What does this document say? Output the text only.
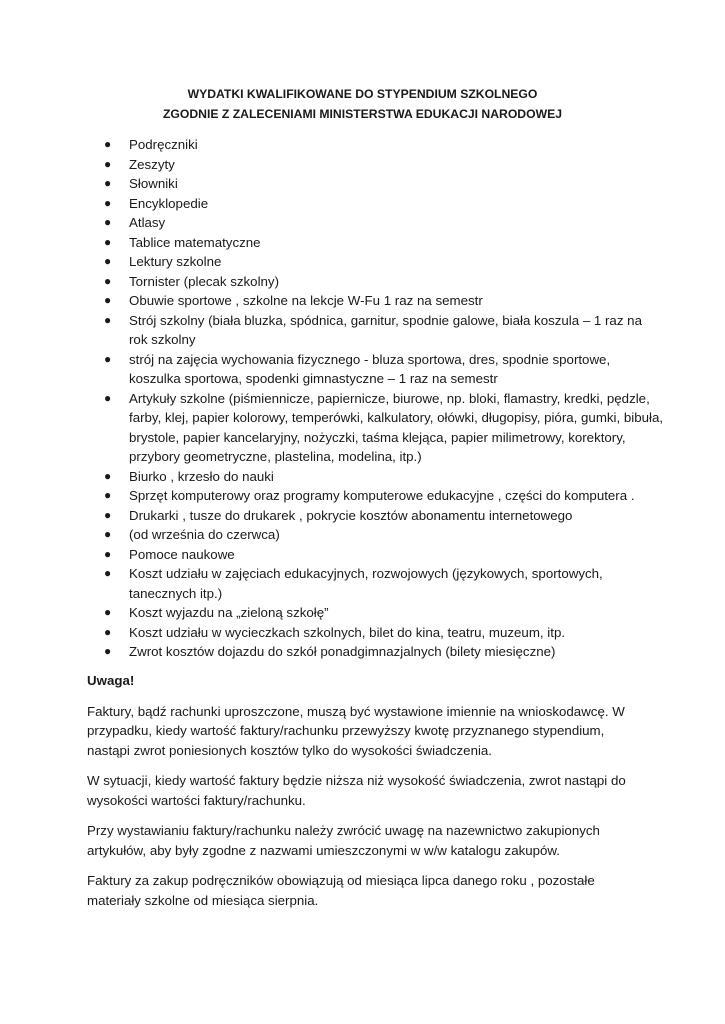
WYDATKI KWALIFIKOWANE DO STYPENDIUM SZKOLNEGO
ZGODNIE Z ZALECENIAMI MINISTERSTWA EDUKACJI NARODOWEJ
● Podręczniki
● Zeszyty
● Słowniki
● Encyklopedie
● Atlasy
● Tablice matematyczne
● Lektury szkolne
● Tornister (plecak szkolny)
● Obuwie sportowe , szkolne na lekcje W-Fu 1 raz na semestr
● Strój szkolny (biała bluzka, spódnica, garnitur, spodnie galowe, biała koszula – 1 raz na rok szkolny
● strój na zajęcia wychowania fizycznego - bluza sportowa, dres, spodnie sportowe, koszulka sportowa, spodenki gimnastyczne – 1 raz na semestr
● Artykuły szkolne (piśmiennicze, papiernicze, biurowe, np. bloki, flamastry, kredki, pędzle, farby, klej, papier kolorowy, temperówki, kalkulatory, ołówki, długopisy, pióra, gumki, bibuła, brystole, papier kancelaryjny, nożyczki, taśma klejąca, papier milimetrowy, korektory, przybory geometryczne, plastelina, modelina, itp.)
● Biurko , krzesło do nauki
● Sprzęt komputerowy oraz programy komputerowe edukacyjne , części do komputera .
● Drukarki , tusze do drukarek , pokrycie kosztów abonamentu internetowego
● (od września do czerwca)
● Pomoce naukowe
● Koszt udziału w zajęciach edukacyjnych, rozwojowych (językowych, sportowych, tanecznych itp.)
● Koszt wyjazdu na „zieloną szkołę”
● Koszt udziału w wycieczkach szkolnych, bilet do kina, teatru, muzeum, itp.
● Zwrot kosztów dojazdu do szkół ponadgimnazjalnych (bilety miesięczne)
Uwaga!

Faktury, bądź rachunki uproszczone, muszą być wystawione imiennie na wnioskodawcę. W przypadku, kiedy wartość faktury/rachunku przewyższy kwotę przyznanego stypendium, nastąpi zwrot poniesionych kosztów tylko do wysokości świadczenia.

W sytuacji, kiedy wartość faktury będzie niższa niż wysokość świadczenia, zwrot nastąpi do wysokości wartości faktury/rachunku.

Przy wystawianiu faktury/rachunku należy zwrócić uwagę na nazewnictwo zakupionych artykułów, aby były zgodne z nazwami umieszczonymi w w/w katalogu zakupów.

Faktury za zakup podręczników obowiązują od miesiąca lipca danego roku , pozostałe materiały szkolne od miesiąca sierpnia.
